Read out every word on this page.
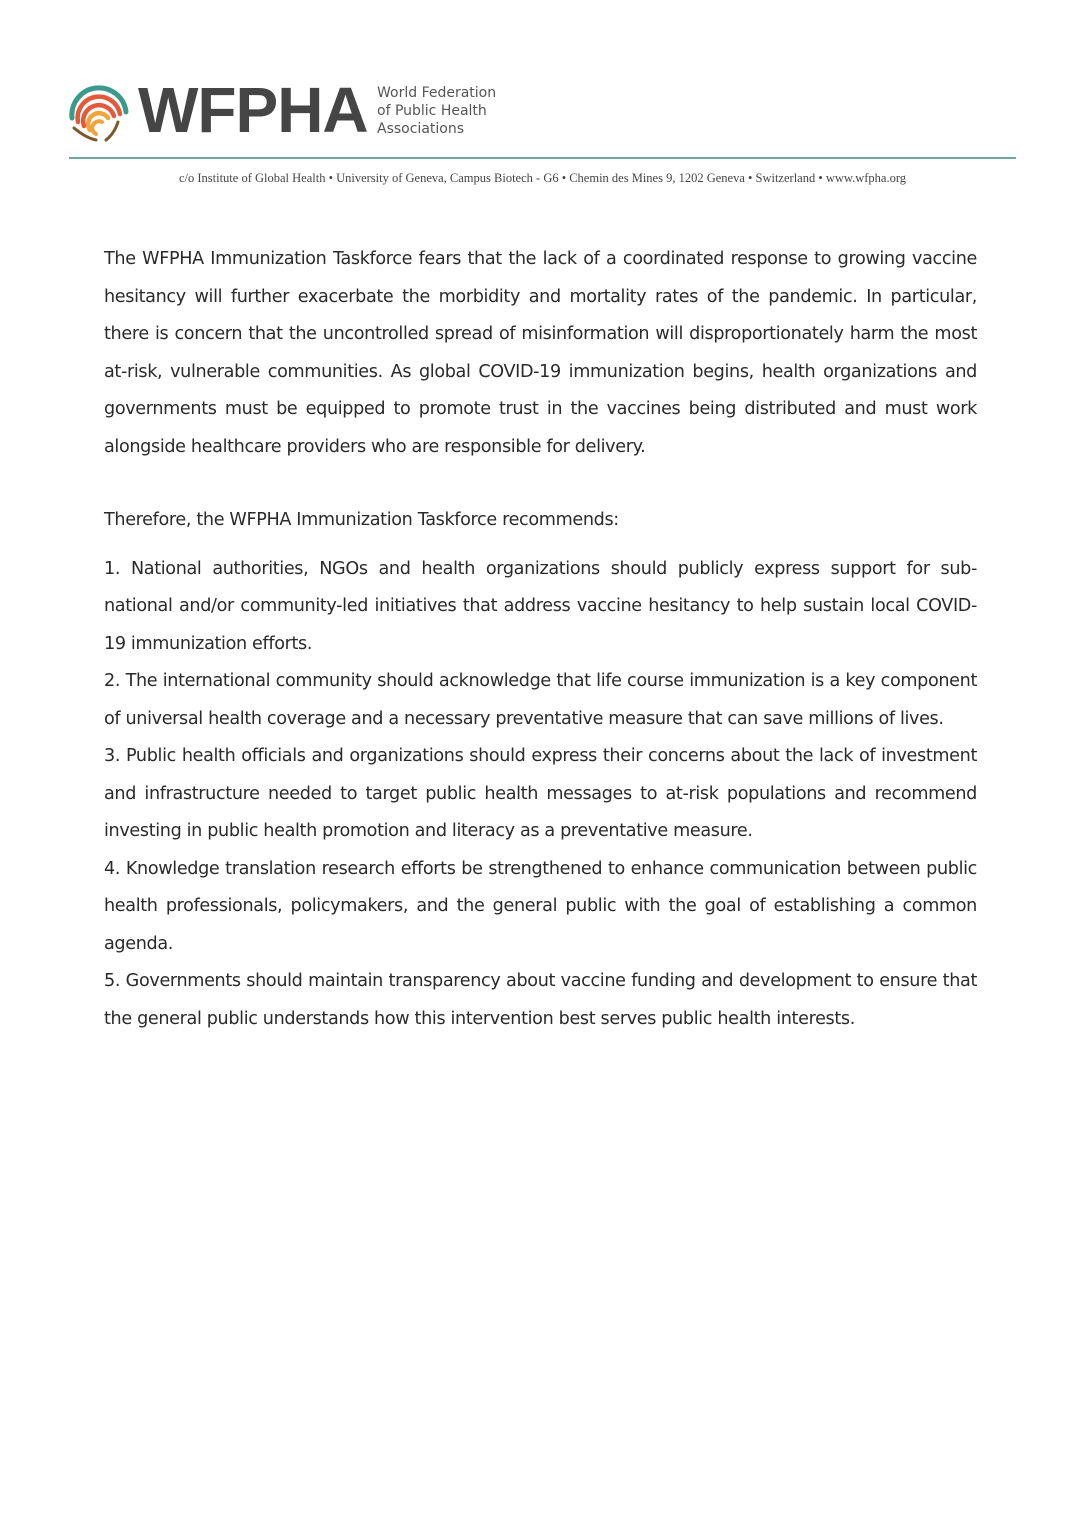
WFPHA World Federation
of Public Health
Associations
c/o Institute of Global Health • University of Geneva, Campus Biotech - G6 • Chemin des Mines 9, 1202 Geneva • Switzerland • www.wfpha.org

The WFPHA Immunization Taskforce fears that the lack of a coordinated response to growing vaccine hesitancy will further exacerbate the morbidity and mortality rates of the pandemic. In particular, there is concern that the uncontrolled spread of misinformation will disproportionately harm the most at-risk, vulnerable communities. As global COVID-19 immunization begins, health organizations and governments must be equipped to promote trust in the vaccines being distributed and must work alongside healthcare providers who are responsible for delivery.

Therefore, the WFPHA Immunization Taskforce recommends:

1. National authorities, NGOs and health organizations should publicly express support for sub-national and/or community-led initiatives that address vaccine hesitancy to help sustain local COVID-19 immunization efforts.
2. The international community should acknowledge that life course immunization is a key component of universal health coverage and a necessary preventative measure that can save millions of lives.
3. Public health officials and organizations should express their concerns about the lack of investment and infrastructure needed to target public health messages to at-risk populations and recommend investing in public health promotion and literacy as a preventative measure.
4. Knowledge translation research efforts be strengthened to enhance communication between public health professionals, policymakers, and the general public with the goal of establishing a common agenda.
5. Governments should maintain transparency about vaccine funding and development to ensure that the general public understands how this intervention best serves public health interests.
